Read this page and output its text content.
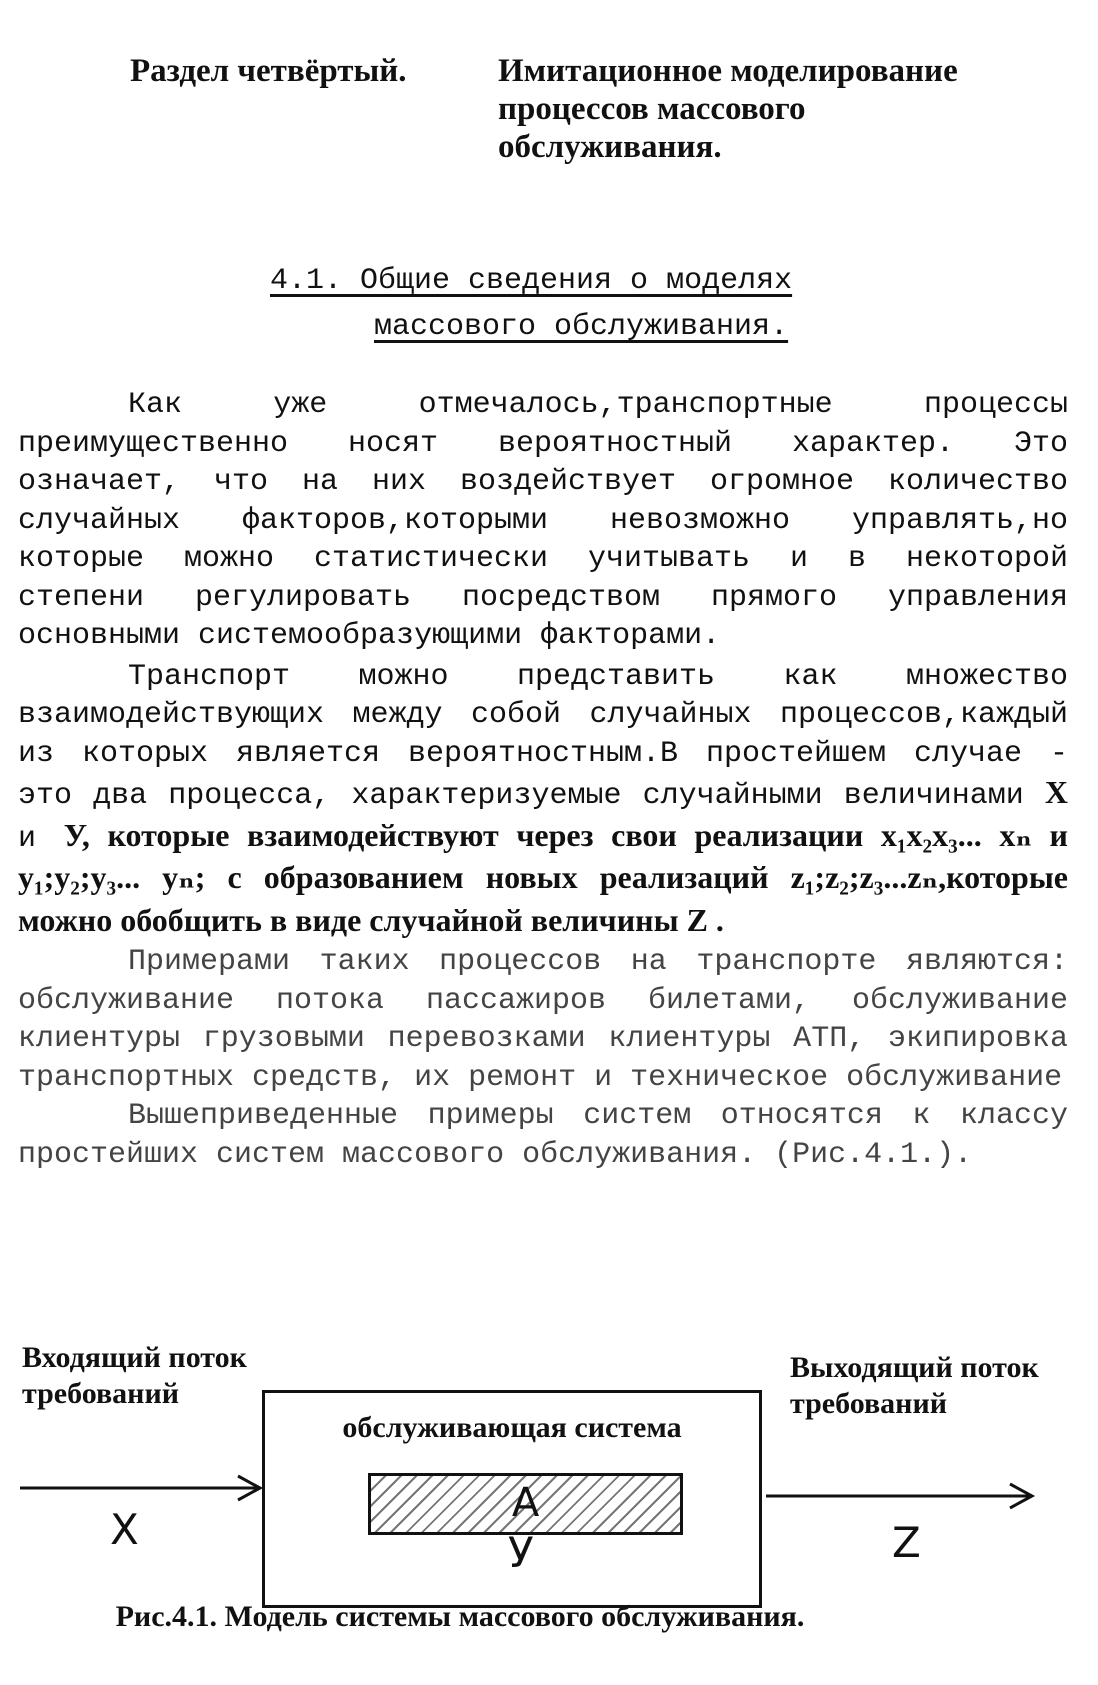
Раздел четвёртый.	Имитационное моделирование процессов массового обслуживания.
4.1. Общие сведения о моделях
массового обслуживания.

Как уже отмечалось,транспортные процессы преимущественно носят вероятностный характер. Это означает, что на них воздействует огромное количество случайных факторов,которыми невозможно управлять,но которые можно статистически учитывать и в некоторой степени регулировать посредством прямого управления основными системообразующими факторами.

Транспорт можно представить как множество взаимодействующих между собой случайных процессов,каждый из которых является вероятностным.В простейшем случае - это два процесса, характеризуемые случайными величинами X и У, которые взаимодействуют через свои реализации x₁x₂x₃... xₙ и y₁;y₂;y₃... yₙ; с образованием новых реализаций z₁;z₂;z₃...zₙ,которые можно обобщить в виде случайной величины Z .

Примерами таких процессов на транспорте являются: обслуживание потока пассажиров билетами, обслуживание клиентуры грузовыми перевозками клиентуры АТП, экипировка транспортных средств, их ремонт и техническое обслуживание

Вышеприведенные примеры систем относятся к классу простейших систем массового обслуживания. (Рис.4.1.).

Входящий поток требований
X
обслуживающая система
A
У
Выходящий поток требований
Z
Рис.4.1. Модель системы массового обслуживания.
